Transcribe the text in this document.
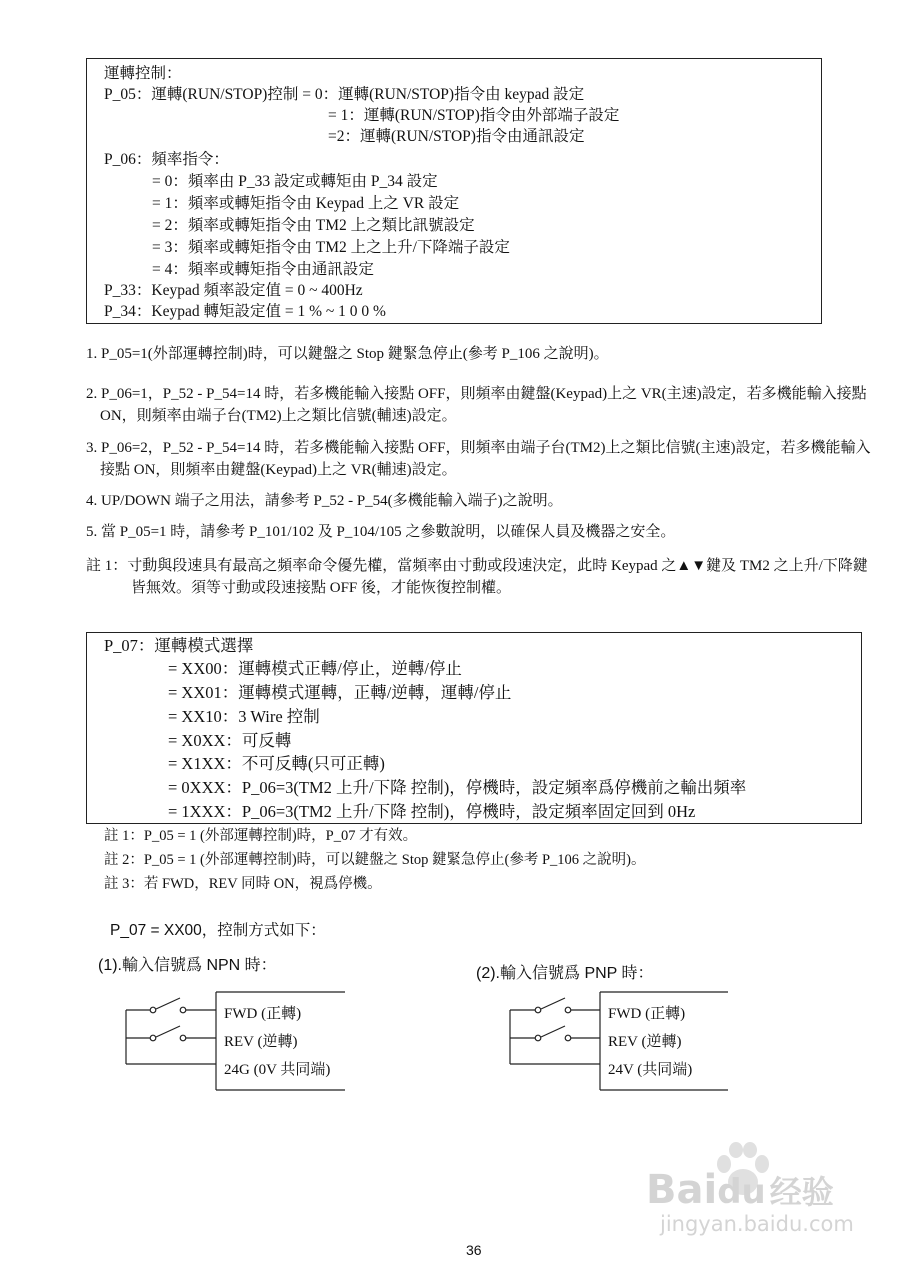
運轉控制：
P_05：運轉(RUN/STOP)控制 = 0：運轉(RUN/STOP)指令由 keypad 設定
= 1：運轉(RUN/STOP)指令由外部端子設定
=2：運轉(RUN/STOP)指令由通訊設定
P_06：頻率指令：
= 0：頻率由 P_33 設定或轉矩由 P_34 設定
= 1：頻率或轉矩指令由 Keypad 上之 VR 設定
= 2：頻率或轉矩指令由 TM2 上之類比訊號設定
= 3：頻率或轉矩指令由 TM2 上之上升/下降端子設定
= 4：頻率或轉矩指令由通訊設定
P_33：Keypad 頻率設定值 = 0 ~ 400Hz
P_34：Keypad 轉矩設定值 = 1 % ~ 1 0 0 %
1. P_05=1(外部運轉控制)時，可以鍵盤之 Stop 鍵緊急停止(參考 P_106 之說明)。
2. P_06=1，P_52 - P_54=14 時，若多機能輸入接點 OFF，則頻率由鍵盤(Keypad)上之 VR(主速)設定，若多機能輸入接點 ON，則頻率由端子台(TM2)上之類比信號(輔速)設定。
3. P_06=2，P_52 - P_54=14 時，若多機能輸入接點 OFF，則頻率由端子台(TM2)上之類比信號(主速)設定，若多機能輸入接點 ON，則頻率由鍵盤(Keypad)上之 VR(輔速)設定。
4. UP/DOWN 端子之用法，請參考 P_52 - P_54(多機能輸入端子)之說明。
5. 當 P_05=1 時，請參考 P_101/102 及 P_104/105 之參數說明，以確保人員及機器之安全。
註 1：寸動與段速具有最高之頻率命令優先權，當頻率由寸動或段速決定，此時 Keypad 之▲▼鍵及 TM2 之上升/下降鍵皆無效。須等寸動或段速接點 OFF 後，才能恢復控制權。
P_07：運轉模式選擇
= XX00：運轉模式正轉/停止，逆轉/停止
= XX01：運轉模式運轉，正轉/逆轉，運轉/停止
= XX10：3 Wire 控制
= X0XX：可反轉
= X1XX：不可反轉(只可正轉)
= 0XXX：P_06=3(TM2 上升/下降 控制)，停機時，設定頻率爲停機前之輸出頻率
= 1XXX：P_06=3(TM2 上升/下降 控制)，停機時，設定頻率固定回到 0Hz
註 1：P_05 = 1 (外部運轉控制)時，P_07 才有效。
註 2：P_05 = 1 (外部運轉控制)時，可以鍵盤之 Stop 鍵緊急停止(參考 P_106 之說明)。
註 3：若 FWD，REV 同時 ON，視爲停機。
P_07 = XX00，控制方式如下：
(1).輸入信號爲 NPN 時：	(2).輸入信號爲 PNP 時：
FWD (正轉)
REV (逆轉)
24G (0V 共同端)
FWD (正轉)
REV (逆轉)
24V (共同端)
Baidu 经验
jingyan.baidu.com
36
